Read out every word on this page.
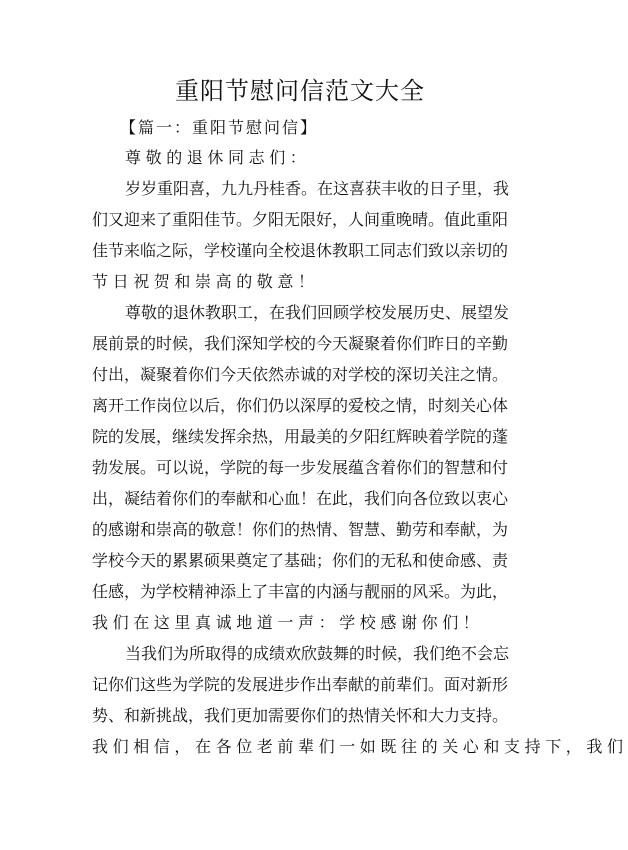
重阳节慰问信范文大全
【篇一：重阳节慰问信】
尊敬的退休同志们：
岁岁重阳喜，九九丹桂香。在这喜获丰收的日子里，我
们又迎来了重阳佳节。夕阳无限好，人间重晚晴。值此重阳
佳节来临之际，学校谨向全校退休教职工同志们致以亲切的
节日祝贺和崇高的敬意！
尊敬的退休教职工，在我们回顾学校发展历史、展望发
展前景的时候，我们深知学校的今天凝聚着你们昨日的辛勤
付出，凝聚着你们今天依然赤诚的对学校的深切关注之情。
离开工作岗位以后，你们仍以深厚的爱校之情，时刻关心体
院的发展，继续发挥余热，用最美的夕阳红辉映着学院的蓬
勃发展。可以说，学院的每一步发展蕴含着你们的智慧和付
出，凝结着你们的奉献和心血！在此，我们向各位致以衷心
的感谢和崇高的敬意！你们的热情、智慧、勤劳和奉献，为
学校今天的累累硕果奠定了基础；你们的无私和使命感、责
任感，为学校精神添上了丰富的内涵与靓丽的风采。为此，
我们在这里真诚地道一声：学校感谢你们！
当我们为所取得的成绩欢欣鼓舞的时候，我们绝不会忘
记你们这些为学院的发展进步作出奉献的前辈们。面对新形
势、和新挑战，我们更加需要你们的热情关怀和大力支持。
我们相信，在各位老前辈们一如既往的关心和支持下，我们
